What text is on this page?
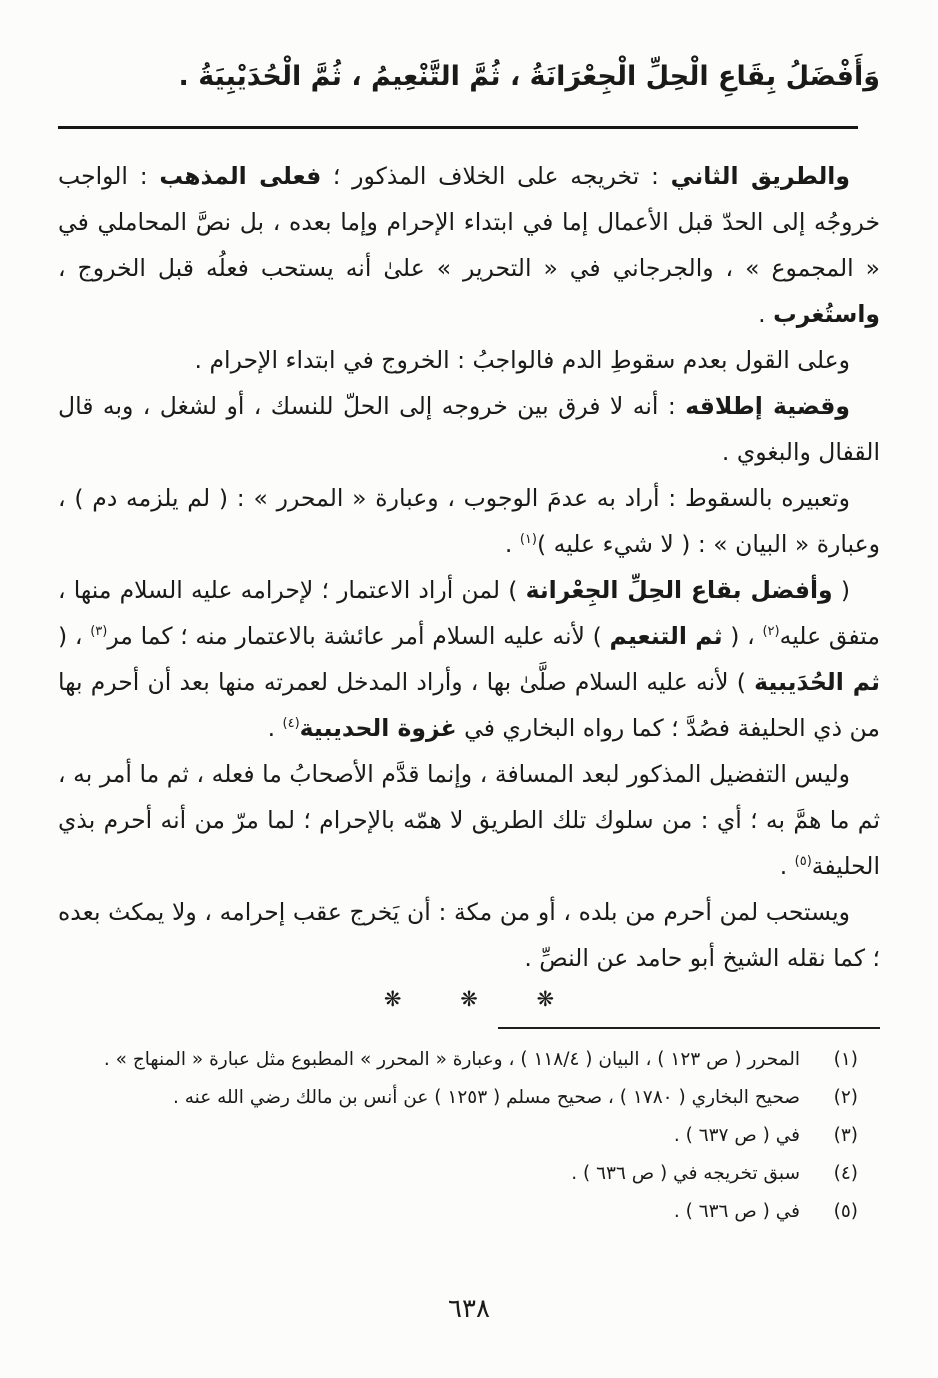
وَأَفْضَلُ بِقَاعِ الْحِلِّ الْجِعْرَانَةُ ، ثُمَّ التَّنْعِيمُ ، ثُمَّ الْحُدَيْبِيَةُ .

والطريق الثاني : تخريجه على الخلاف المذكور ؛ فعلى المذهب : الواجب خروجُه إلى الحدّ قبل الأعمال إما في ابتداء الإحرام وإما بعده ، بل نصَّ المحاملي في « المجموع » ، والجرجاني في « التحرير » علىٰ أنه يستحب فعلُه قبل الخروج ، واستُغرب .

وعلى القول بعدم سقوطِ الدم فالواجبُ : الخروج في ابتداء الإحرام .

وقضية إطلاقه : أنه لا فرق بين خروجه إلى الحلّ للنسك ، أو لشغل ، وبه قال القفال والبغوي .

وتعبيره بالسقوط : أراد به عدمَ الوجوب ، وعبارة « المحرر » : ( لم يلزمه دم ) ، وعبارة « البيان » : ( لا شيء عليه )$^{(١)}$ .

( وأفضل بقاع الحِلِّ الجِعْرانة ) لمن أراد الاعتمار ؛ لإحرامه عليه السلام منها ، متفق عليه$^{(٢)}$ ، ( ثم التنعيم ) لأنه عليه السلام أمر عائشة بالاعتمار منه ؛ كما مر$^{(٣)}$ ، ( ثم الحُدَيبية ) لأنه عليه السلام صلَّىٰ بها ، وأراد المدخل لعمرته منها بعد أن أحرم بها من ذي الحليفة فصُدَّ ؛ كما رواه البخاري في غزوة الحديبية$^{(٤)}$ .

وليس التفضيل المذكور لبعد المسافة ، وإنما قدَّم الأصحابُ ما فعله ، ثم ما أمر به ، ثم ما همَّ به ؛ أي : من سلوك تلك الطريق لا همّه بالإحرام ؛ لما مرّ من أنه أحرم بذي الحليفة$^{(٥)}$ .

ويستحب لمن أحرم من بلده ، أو من مكة : أن يَخرج عقب إحرامه ، ولا يمكث بعده ؛ كما نقله الشيخ أبو حامد عن النصِّ .

❋ ❋ ❋
(١)
المحرر ( ص ١٢٣ ) ، البيان ( ١١٨/٤ ) ، وعبارة « المحرر » المطبوع مثل عبارة « المنهاج » .
(٢)
صحيح البخاري ( ١٧٨٠ ) ، صحيح مسلم ( ١٢٥٣ ) عن أنس بن مالك رضي الله عنه .
(٣)
في ( ص ٦٣٧ ) .
(٤)
سبق تخريجه في ( ص ٦٣٦ ) .
(٥)
في ( ص ٦٣٦ ) .
٦٣٨
